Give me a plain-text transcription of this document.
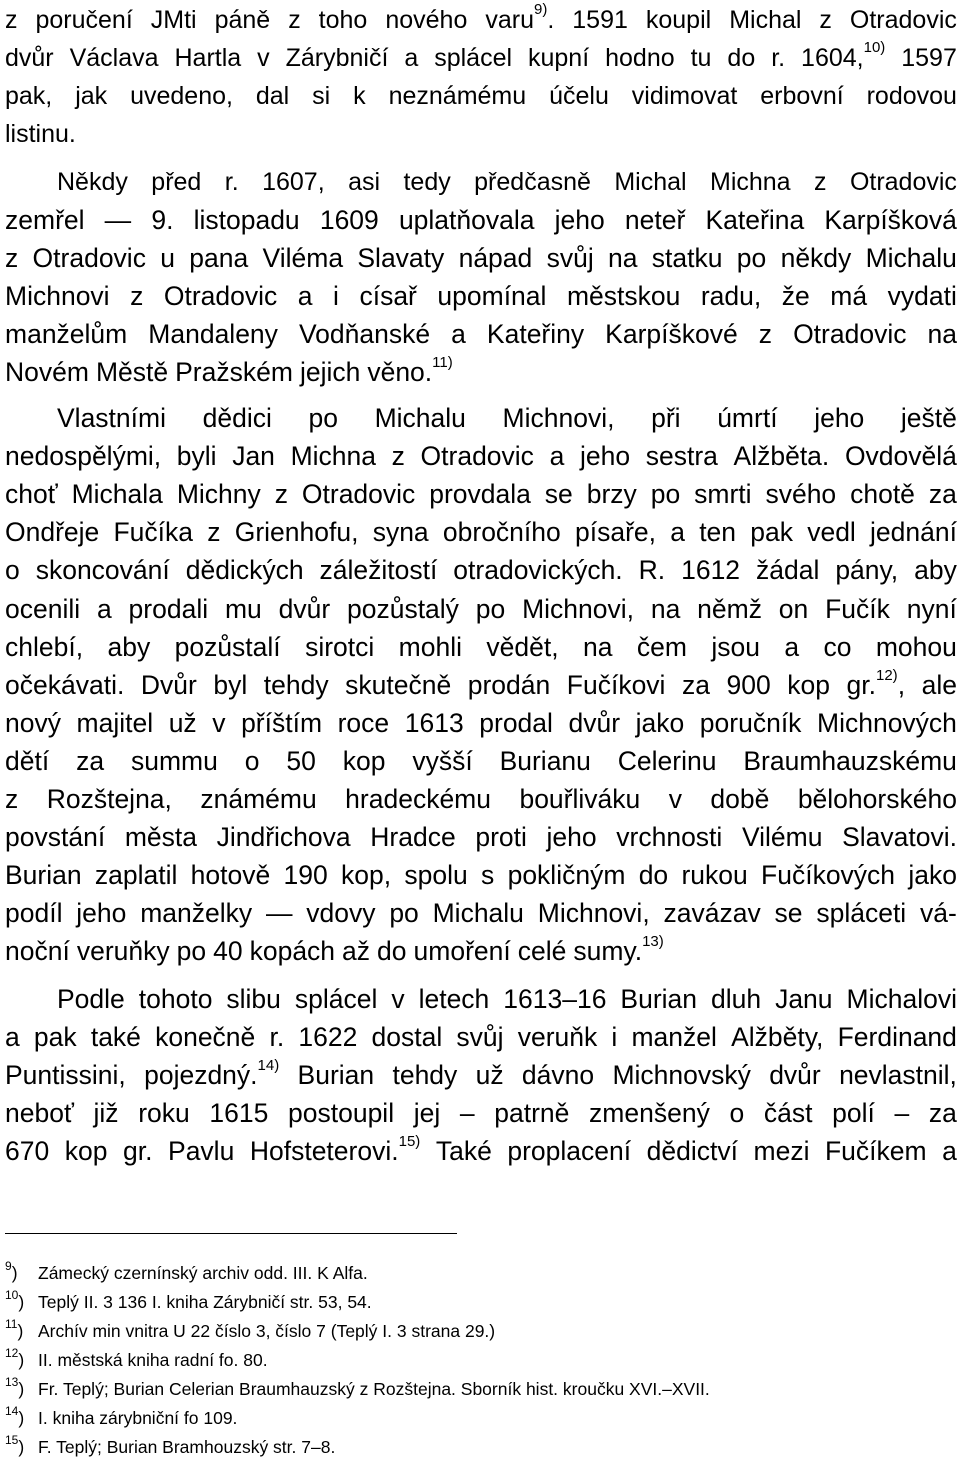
z poručení JMti páně z toho nového varu$^{9)}$. 1591 koupil Michal z Otradovic
dvůr Václava Hartla v Zárybničí a splácel kupní hodno tu do r. 1604,$^{10)}$ 1597
pak, jak uvedeno, dal si k neznámému účelu vidimovat erbovní rodovou
listinu.
Někdy před r. 1607, asi tedy předčasně Michal Michna z Otradovic
zemřel — 9. listopadu 1609 uplatňovala jeho neteř Kateřina Karpíšková
z Otradovic u pana Viléma Slavaty nápad svůj na statku po někdy Michalu
Michnovi z Otradovic a i císař upomínal městskou radu, že má vydati
manželům Mandaleny Vodňanské a Kateřiny Karpíškové z Otradovic na
Novém Městě Pražském jejich věno.$^{11)}$
Vlastními dědici po Michalu Michnovi, při úmrtí jeho ještě
nedospělými, byli Jan Michna z Otradovic a jeho sestra Alžběta. Ovdovělá
choť Michala Michny z Otradovic provdala se brzy po smrti svého chotě za
Ondřeje Fučíka z Grienhofu, syna obročního písaře, a ten pak vedl jednání
o skoncování dědických záležitostí otradovických. R. 1612 žádal pány, aby
ocenili a prodali mu dvůr pozůstalý po Michnovi, na němž on Fučík nyní
chlebí, aby pozůstalí sirotci mohli vědět, na čem jsou a co mohou
očekávati. Dvůr byl tehdy skutečně prodán Fučíkovi za 900 kop gr.$^{12)}$, ale
nový majitel už v příštím roce 1613 prodal dvůr jako poručník Michnových
dětí za summu o 50 kop vyšší Burianu Celerinu Braumhauzskému
z Rozštejna, známému hradeckému bouřliváku v době bělohorského
povstání města Jindřichova Hradce proti jeho vrchnosti Vilému Slavatovi.
Burian zaplatil hotově 190 kop, spolu s pokličným do rukou Fučíkových jako
podíl jeho manželky — vdovy po Michalu Michnovi, zavázav se spláceti vá-
noční veruňky po 40 kopách až do umoření celé sumy.$^{13)}$
Podle tohoto slibu splácel v letech 1613–16 Burian dluh Janu Michalovi
a pak také konečně r. 1622 dostal svůj veruňk i manžel Alžběty, Ferdinand
Puntissini, pojezdný.$^{14)}$ Burian tehdy už dávno Michnovský dvůr nevlastnil,
neboť již roku 1615 postoupil jej – patrně zmenšený o část polí – za
670 kop gr. Pavlu Hofsteterovi.$^{15)}$ Také proplacení dědictví mezi Fučíkem a
$^9$) Zámecký czernínský archiv odd. III. K Alfa.
$^{10}$) Teplý II. 3 136 I. kniha Zárybničí str. 53, 54.
$^{11}$) Archív min vnitra U 22 číslo 3, číslo 7 (Teplý I. 3 strana 29.)
$^{12}$) II. městská kniha radní fo. 80.
$^{13}$) Fr. Teplý; Burian Celerian Braumhauzský z Rozštejna. Sborník hist. kroučku XVI.–XVII.
$^{14}$) I. kniha zárybniční fo 109.
$^{15}$) F. Teplý; Burian Bramhouzský str. 7–8.
